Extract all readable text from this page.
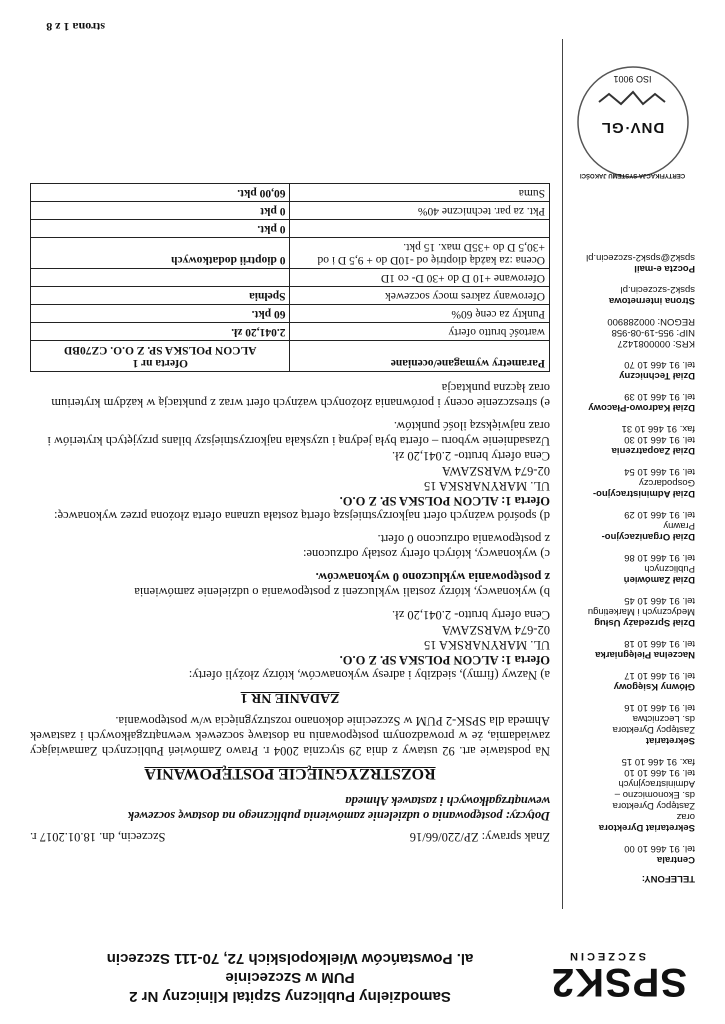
SPSK2
SZCZECIN
Samodzielny Publiczny Szpital Kliniczny Nr 2
PUM w Szczecinie
al. Powstańców Wielkopolskich 72, 70-111 Szczecin
TELEFONY:
Centrala
tel. 91 466 10 00
Sekretariat Dyrektora
oraz
Zastępcy Dyrektora
ds. Ekonomiczno –
Administracyjnych
tel. 91 466 10 10
fax. 91 466 10 15
Sekretariat
Zastępcy Dyrektora
ds. Lecznictwa
tel. 91 466 10 16
Główny Księgowy
tel. 91 466 10 17
Naczelna Pielęgniarka
tel. 91 466 10 18
Dział Sprzedaży Usług
Medycznych i Marketingu
tel. 91 466 10 45
Dział Zamówień
Publicznych
tel. 91 466 10 86
Dział Organizacyjno-
Prawny
tel. 91 466 10 29
Dział Administracyjno-
Gospodarczy
tel. 91 466 10 54
Dział Zaopatrzenia
tel. 91 466 10 30
fax. 91 466 10 31
Dział Kadrowo-Płacowy
tel. 91 466 10 39
Dział Techniczny
tel. 91 466 10 70
KRS: 0000081427
NIP: 955-19-08-958
REGON: 000288900
Strona internetowa
spsk2-szczecin.pl
Poczta e-mail
spsk2@spsk2-szczecin.pl
Znak sprawy: ZP/220/66/16
Szczecin, dn. 18.01.2017 r.

Dotyczy: postępowania o udzielenie zamówienia publicznego na dostawę soczewek wewnątrzgałkowych i zastawek Ahmeda

ROZSTRZYGNIĘCIE POSTĘPOWANIA

Na podstawie art. 92 ustawy z dnia 29 stycznia 2004 r. Prawo Zamówień Publicznych Zamawiający zawiadamia, że w prowadzonym postępowaniu na dostawę soczewek wewnątrzgałkowych i zastawek Ahmeda dla SPSK-2 PUM w Szczecinie dokonano rozstrzygnięcia w/w postępowania.

ZADANIE NR 1

a) Nazwy (firmy), siedziby i adresy wykonawców, którzy złożyli oferty:
Oferta 1: ALCON POLSKA SP. Z O.O.
UL. MARYNARSKA 15
02-674 WARSZAWA
Cena oferty brutto- 2.041,20 zł.

b) wykonawcy, którzy zostali wykluczeni z postępowania o udzielenie zamówienia
z postępowania wykluczono 0 wykonawców.

c) wykonawcy, których oferty zostały odrzucone:
z postępowania odrzucono 0 ofert.

d) spośród ważnych ofert najkorzystniejszą ofertą została uznana oferta złożona przez wykonawcę:
Oferta 1: ALCON POLSKA SP. Z O.O.
UL. MARYNARSKA 15
02-674 WARSZAWA
Cena oferty brutto- 2.041,20 zł.
Uzasadnienie wyboru – oferta była jedyną i uzyskała najkorzystniejszy bilans przyjętych kryteriów i oraz największą ilość punktów.

e) streszczenie oceny i porównania złożonych ważnych ofert wraz z punktacją w każdym kryterium oraz łączna punktacja

Parametry wymagane/oceniane	Oferta nr 1
ALCON POLSKA SP. Z O.O. CZ70BD
wartość brutto oferty	2.041,20 zł.
Punkty za cenę 60%	60 pkt.
Oferowany zakres mocy soczewek	Spełnia
Oferowane +10 D do +30 D- co 1D	
Ocena :za każdą dioptrię od -10D do + 9,5 D i od +30,5 D do +35D max. 15 pkt.	0 dioptrii dodatkowych
	0 pkt.
Pkt. za par. techniczne 40%	0 pkt
Suma	60,00 pkt.
CERTYFIKACJA SYSTEMU JAKOŚCI
DNV·GL
ISO 9001
strona 1 z 8
